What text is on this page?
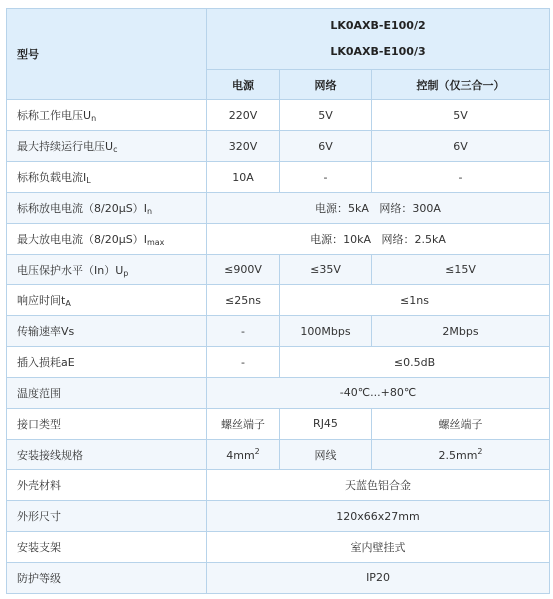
型号	LK0AXB-E100/2
LK0AXB-E100/3		

	电源	网络	控制（仅三合一）
标称工作电压$U_n$	220V	5V	5V
最大持续运行电压$U_c$	320V	6V	6V
标称负载电流$I_L$	10A	-	-
标称放电电流$(8/20\mu S)I_n$	电源：5kA   网络：300A		
最大放电电流$(8/20\mu S)I_{max}$	电源：10kA   网络：2.5kA		
电压保护水平$(In)U_p$	≤900V	≤35V	≤15V
响应时间$t_A$	≤25ns	≤1ns	
传输速率Vs	-	100Mbps	2Mbps
插入损耗aE	-	≤0.5dB	
温度范围	-40℃...+80℃		
接口类型	螺丝端子	RJ45	螺丝端子
安装接线规格	$4mm^2$	网线	$2.5mm^2$
外壳材料	天蓝色铝合金		
外形尺寸	120x66x27mm		
安装支架	室内壁挂式		
防护等级	IP20		
